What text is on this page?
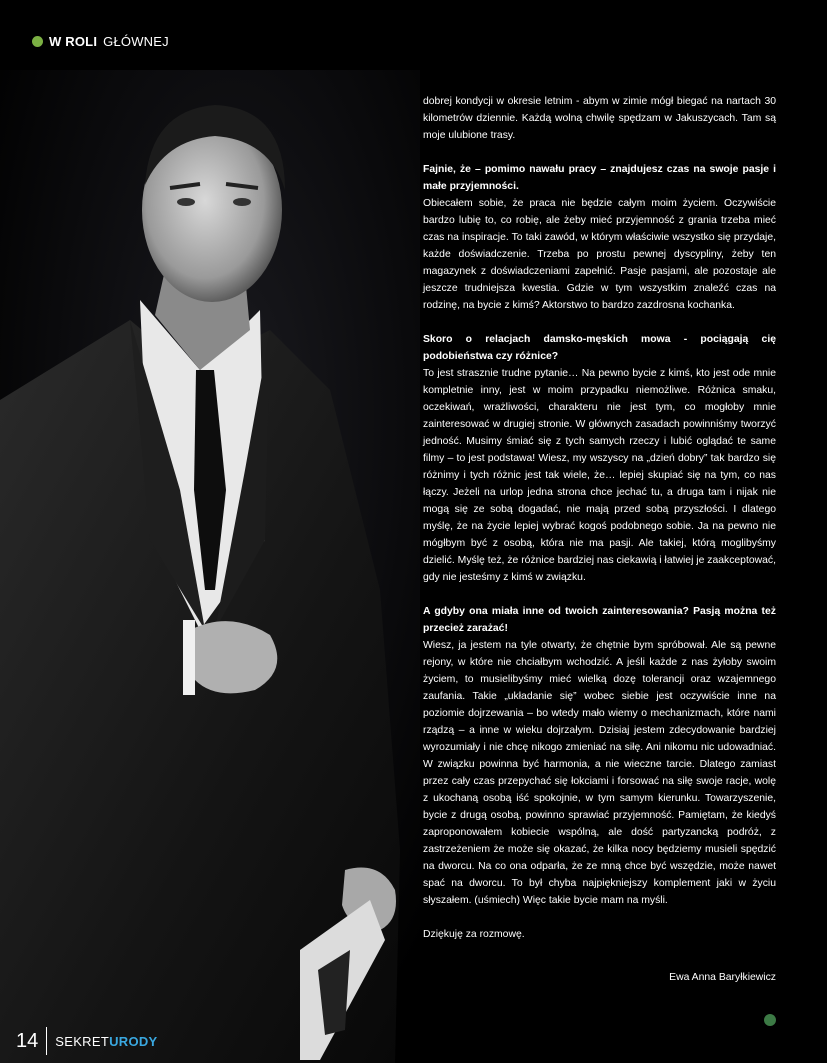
W ROLI GŁÓWNEJ

dobrej kondycji w okresie letnim - abym w zimie mógł biegać na nartach 30 kilometrów dziennie. Każdą wolną chwilę spędzam w Jakuszycach. Tam są moje ulubione trasy.

Fajnie, że – pomimo nawału pracy – znajdujesz czas na swoje pasje i małe przyjemności.

Obiecałem sobie, że praca nie będzie całym moim życiem. Oczywiście bardzo lubię to, co robię, ale żeby mieć przyjemność z grania trzeba mieć czas na inspiracje. To taki zawód, w którym właściwie wszystko się przydaje, każde doświadczenie. Trzeba po prostu pewnej dyscypliny, żeby ten magazynek z doświadczeniami zapełnić. Pasje pasjami, ale pozostaje ale jeszcze trudniejsza kwestia. Gdzie w tym wszystkim znaleźć czas na rodzinę, na bycie z kimś? Aktorstwo to bardzo zazdrosna kochanka.

Skoro o relacjach damsko-męskich mowa - pociągają cię podobieństwa czy różnice?

To jest strasznie trudne pytanie… Na pewno bycie z kimś, kto jest ode mnie kompletnie inny, jest w moim przypadku niemożliwe. Różnica smaku, oczekiwań, wrażliwości, charakteru nie jest tym, co mogłoby mnie zainteresować w drugiej stronie. W głównych zasadach powinniśmy tworzyć jedność. Musimy śmiać się z tych samych rzeczy i lubić oglądać te same filmy – to jest podstawa! Wiesz, my wszyscy na „dzień dobry” tak bardzo się różnimy i tych różnic jest tak wiele, że… lepiej skupiać się na tym, co nas łączy. Jeżeli na urlop jedna strona chce jechać tu, a druga tam i nijak nie mogą się ze sobą dogadać, nie mają przed sobą przyszłości. I dlatego myślę, że na życie lepiej wybrać kogoś podobnego sobie. Ja na pewno nie mógłbym być z osobą, która nie ma pasji. Ale takiej, którą moglibyśmy dzielić. Myślę też, że różnice bardziej nas ciekawią i łatwiej je zaakceptować, gdy nie jesteśmy z kimś w związku.

A gdyby ona miała inne od twoich zainteresowania? Pasją można też przecież zarażać!

Wiesz, ja jestem na tyle otwarty, że chętnie bym spróbował. Ale są pewne rejony, w które nie chciałbym wchodzić. A jeśli każde z nas żyłoby swoim życiem, to musielibyśmy mieć wielką dozę tolerancji oraz wzajemnego zaufania. Takie „układanie się” wobec siebie jest oczywiście inne na poziomie dojrzewania – bo wtedy mało wiemy o mechanizmach, które nami rządzą – a inne w wieku dojrzałym. Dzisiaj jestem zdecydowanie bardziej wyrozumiały i nie chcę nikogo zmieniać na siłę. Ani nikomu nic udowadniać. W związku powinna być harmonia, a nie wieczne tarcie. Dlatego zamiast przez cały czas przepychać się łokciami i forsować na siłę swoje racje, wolę z ukochaną osobą iść spokojnie, w tym samym kierunku. Towarzyszenie, bycie z drugą osobą, powinno sprawiać przyjemność. Pamiętam, że kiedyś zaproponowałem kobiecie wspólną, ale dość partyzancką podróż, z zastrzeżeniem że może się okazać, że kilka nocy będziemy musieli spędzić na dworcu. Na co ona odparła, że ze mną chce być wszędzie, może nawet spać na dworcu. To był chyba najpiękniejszy komplement jaki w życiu słyszałem. (uśmiech) Więc takie bycie mam na myśli.

Dziękuję za rozmowę.

Ewa Anna Baryłkiewicz
14	SEKRETURODY
